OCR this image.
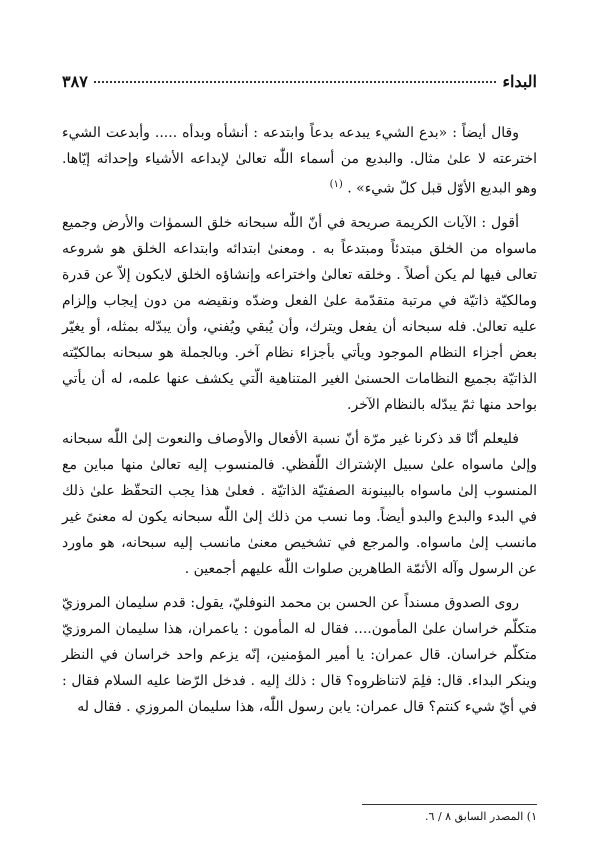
البداء
٣٨٧

وقال أيضاً : «بدع الشيء يبدعه بدعاً وابتدعه : أنشأه وبدأه ..... وأبدعت الشيء اخترعته لا علىٰ مثال. والبديع من أسماء اللّٰه تعالىٰ لإبداعه الأشياء وإحداثه إيّاها. وهو البديع الأوّل قبل كلّ شيء» . $^{(١)}$

أقول : الآيات الكريمة صريحة في أنّ اللّٰه سبحانه خلق السموٰات والأرض وجميع ماسواه من الخلق مبتدئاً ومبتدعاً به . ومعنىٰ ابتدائه وابتداعه الخلق هو شروعه تعالى فيها لم يكن أصلاً . وخلقه تعالىٰ واختراعه وإنشاؤه الخلق لايكون إلاّ عن قدرة ومالكيّة ذاتيّة في مرتبة متقدّمة علىٰ الفعل وضدّه ونقيضه من دون إيجاب وإلزام عليه تعالىٰ. فله سبحانه أن يفعل ويترك، وأن يُبقي ويُفني، وأن يبدّله بمثله، أو يغيّر بعض أجزاء النظام الموجود ويأتي بأجزاء نظام آخر. وبالجملة هو سبحانه بمالكيّته الذاتيّة بجميع النظامات الحسنىٰ الغير المتناهية الّتي يكشف عنها علمه، له أن يأتي بواحد منها ثمّ يبدّله بالنظام الآخر.

فليعلم أنّا قد ذكرنا غير مرّة أنّ نسبة الأفعال والأوصاف والنعوت إلىٰ اللّٰه سبحانه وإلىٰ ماسواه علىٰ سبيل الإشتراك اللّفظي. فالمنسوب إليه تعالىٰ منها مباين مع المنسوب إلىٰ ماسواه بالبينونة الصفتيّة الذاتيّة . فعلىٰ هذا يجب التحقّظ علىٰ ذلك في البدء والبدع والبدو أيضاً. وما نسب من ذلك إلىٰ اللّٰه سبحانه يكون له معنىً غير مانسب إلىٰ ماسواه. والمرجع في تشخيص معنىٰ مانسب إليه سبحانه، هو ماورد عن الرسول وآله الأئمّة الطاهرين صلوات اللّٰه عليهم أجمعين .

روى الصدوق مسنداً عن الحسن بن محمد النوفليّ، يقول: قدم سليمان المروزيّ متكلّم خراسان علىٰ المأمون.... فقال له المأمون : ياعمران، هذا سليمان المروزيّ متكلّم خراسان. قال عمران: يا أمير المؤمنين، إنّه يزعم واحد خراسان في النظر وينكر البداء. قال: فلِمَ لاتناظروه؟ قال : ذلك إليه . فدخل الرّضا عليه السلام فقال : في أيّ شيء كنتم؟ قال عمران: يابن رسول اللّٰه، هذا سليمان المروزي . فقال له

١) المصدر السابق ٨ / ٦.
